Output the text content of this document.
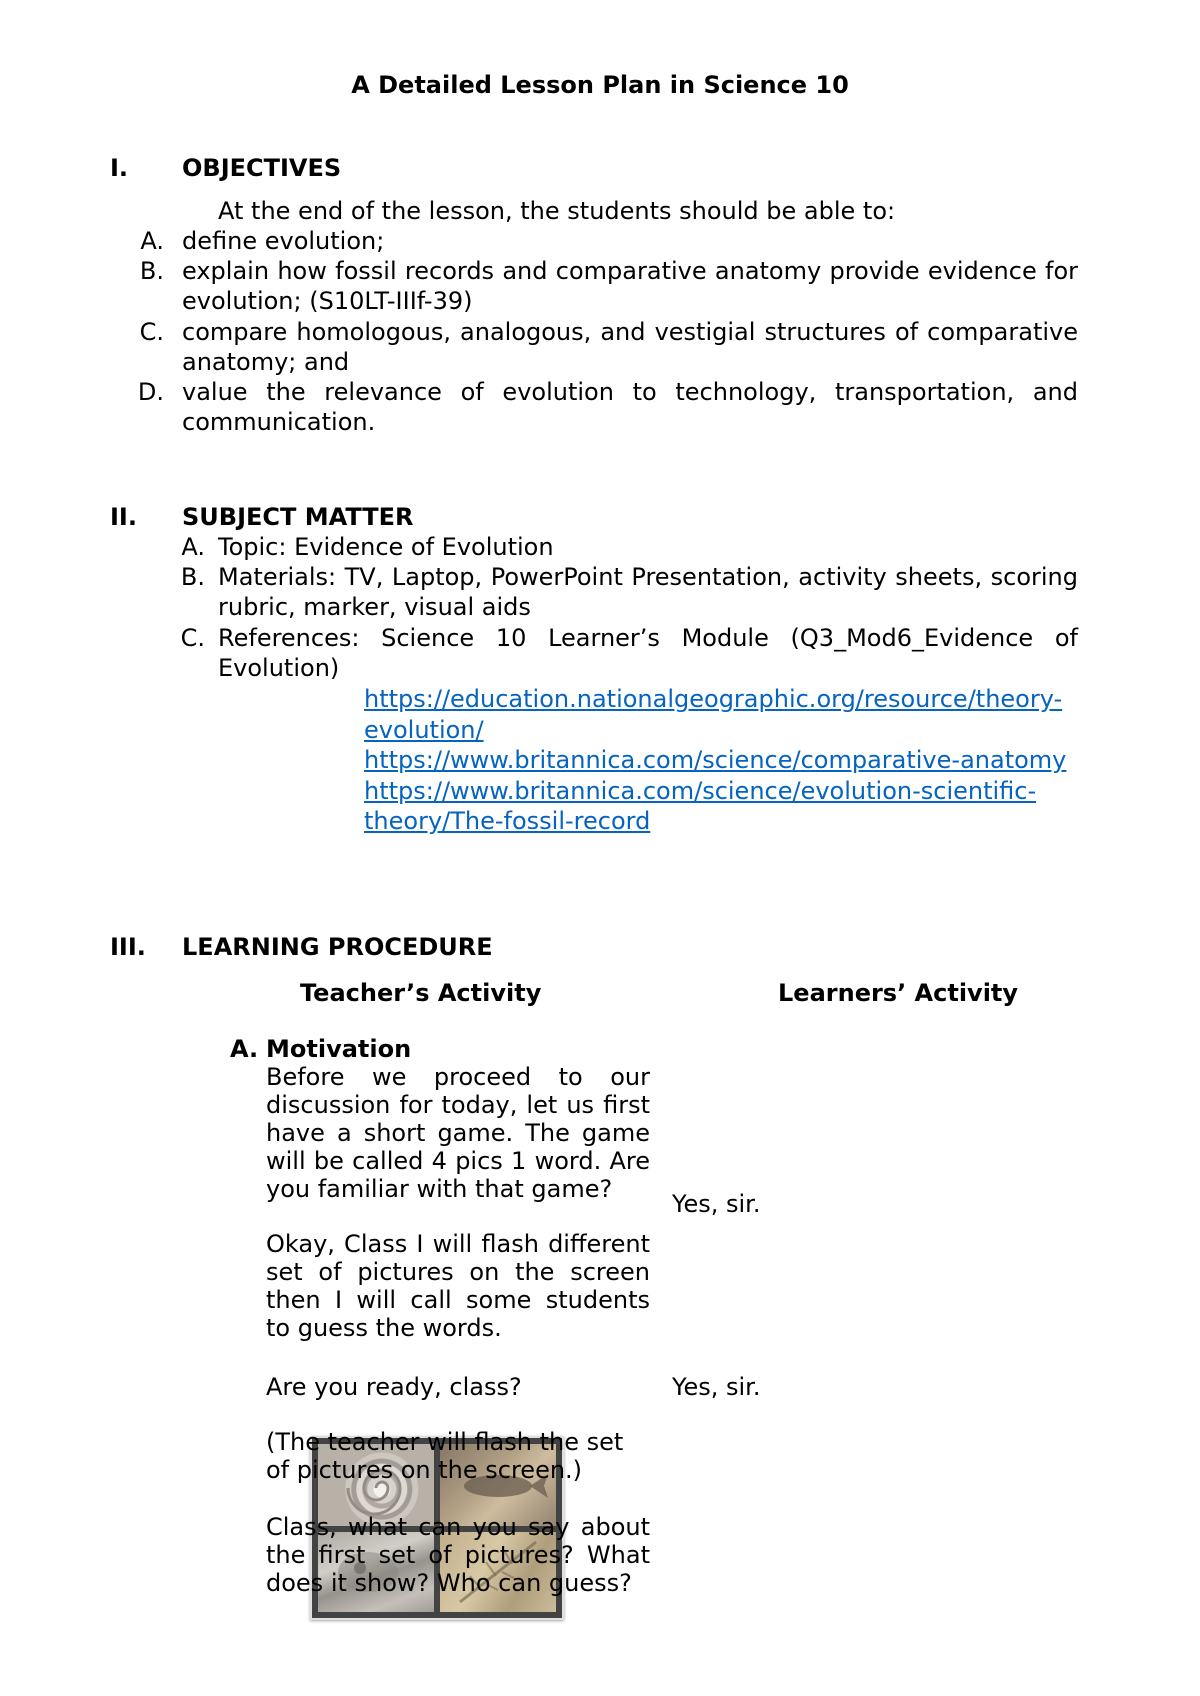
A Detailed Lesson Plan in Science 10
I. OBJECTIVES
At the end of the lesson, the students should be able to:
A. define evolution;
B. explain how fossil records and comparative anatomy provide evidence for
evolution; (S10LT-IIIf-39)
C. compare homologous, analogous, and vestigial structures of comparative
anatomy; and
D. value the relevance of evolution to technology, transportation, and
communication.
II. SUBJECT MATTER
A. Topic: Evidence of Evolution
B. Materials: TV, Laptop, PowerPoint Presentation, activity sheets, scoring
rubric, marker, visual aids
C. References: Science 10 Learner’s Module (Q3_Mod6_Evidence of
Evolution)
https://education.nationalgeographic.org/resource/theory-
evolution/
https://www.britannica.com/science/comparative-anatomy
https://www.britannica.com/science/evolution-scientific-
theory/The-fossil-record
III. LEARNING PROCEDURE
Teacher’s Activity	Learners’ Activity
A. Motivation
Before we proceed to our
discussion for today, let us first
have a short game. The game
will be called 4 pics 1 word. Are
you familiar with that game?
Yes, sir.
Okay, Class I will flash different
set of pictures on the screen
then I will call some students
to guess the words.
Are you ready, class?	Yes, sir.
(The teacher will flash the set
of pictures on the screen.)
Class, what can you say about
the first set of pictures? What
does it show? Who can guess?
